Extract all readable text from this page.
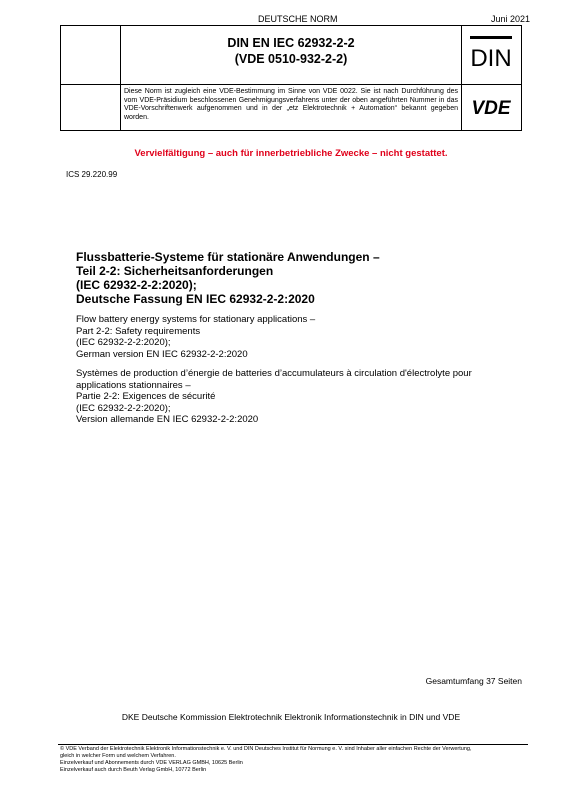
DEUTSCHE NORM	Juni 2021
DIN EN IEC 62932-2-2
(VDE 0510-932-2-2)	DIN
VDE
Diese Norm ist zugleich eine VDE-Bestimmung im Sinne von VDE 0022. Sie ist nach Durchführung des vom VDE-Präsidium beschlossenen Genehmigungsverfahrens unter der oben angeführten Nummer in das VDE-Vorschriftenwerk aufgenommen und in der „etz Elektrotechnik + Automation“ bekannt gegeben worden.
Vervielfältigung – auch für innerbetriebliche Zwecke – nicht gestattet.
ICS 29.220.99
Flussbatterie-Systeme für stationäre Anwendungen –
Teil 2-2: Sicherheitsanforderungen
(IEC 62932-2-2:2020);
Deutsche Fassung EN IEC 62932-2-2:2020
Flow battery energy systems for stationary applications –
Part 2-2: Safety requirements
(IEC 62932-2-2:2020);
German version EN IEC 62932-2-2:2020
Systèmes de production d’énergie de batteries d’accumulateurs à circulation d'électrolyte pour
applications stationnaires –
Partie 2-2: Exigences de sécurité
(IEC 62932-2-2:2020);
Version allemande EN IEC 62932-2-2:2020
Gesamtumfang 37 Seiten
DKE Deutsche Kommission Elektrotechnik Elektronik Informationstechnik in DIN und VDE
© VDE Verband der Elektrotechnik Elektronik Informationstechnik e. V. und DIN Deutsches Institut für Normung e. V. sind Inhaber aller einfachen Rechte der Verwertung,
gleich in welcher Form und welchem Verfahren.
Einzelverkauf und Abonnements durch VDE VERLAG GMBH, 10625 Berlin
Einzelverkauf auch durch Beuth Verlag GmbH, 10772 Berlin
